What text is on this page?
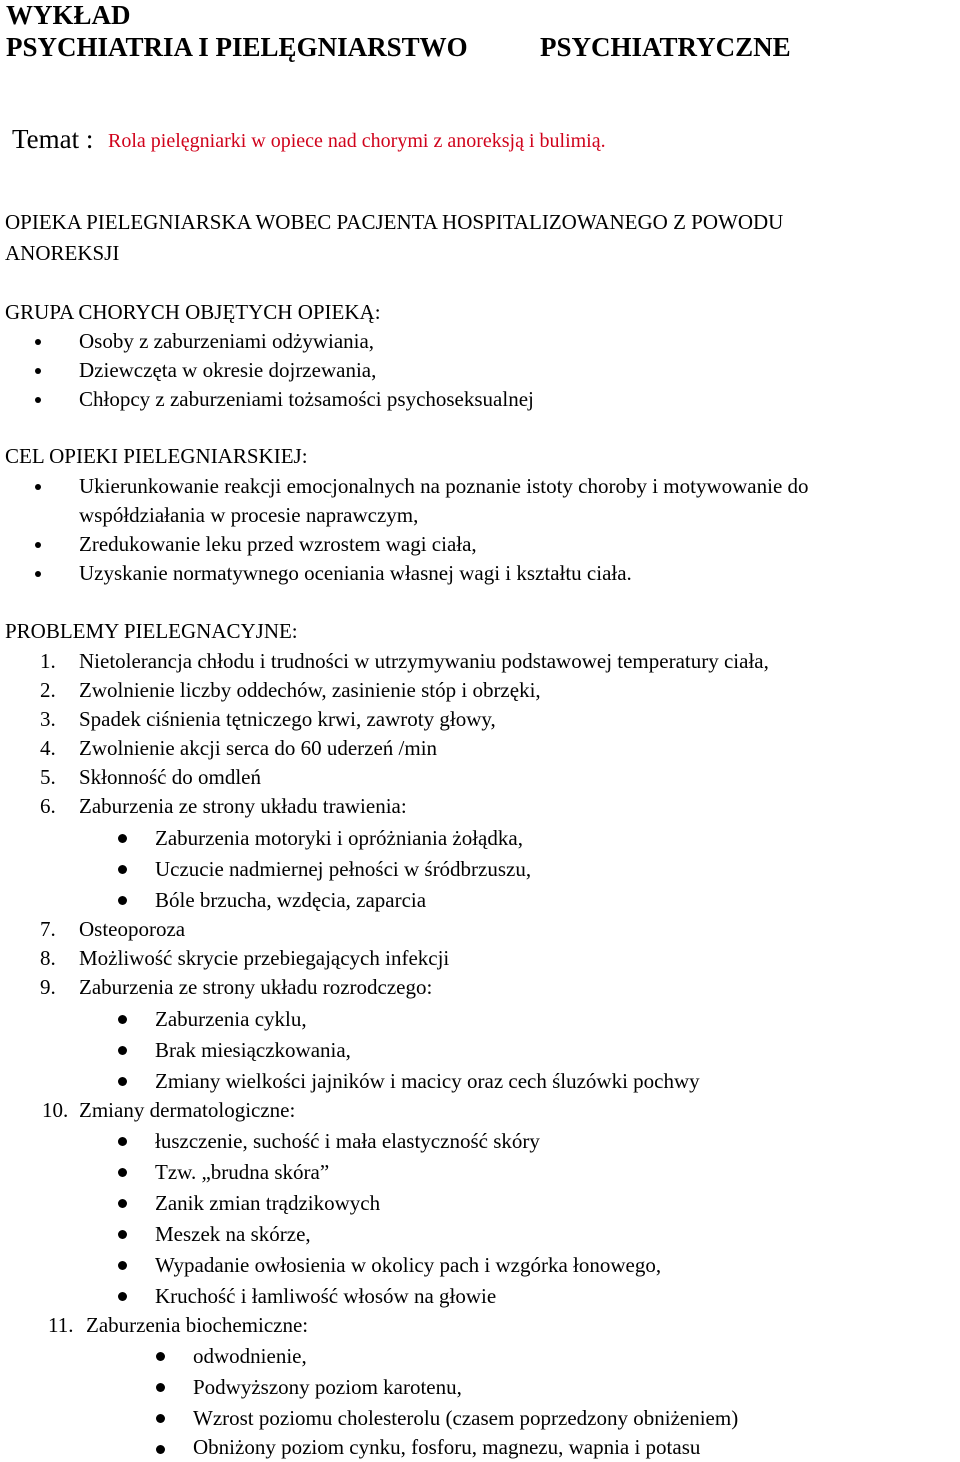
WYKŁAD
PSYCHIATRIA I PIELĘGNIARSTWO	PSYCHIATRYCZNE
Temat : Rola pielęgniarki w opiece nad chorymi z anoreksją i bulimią.
OPIEKA PIELEGNIARSKA WOBEC PACJENTA HOSPITALIZOWANEGO Z POWODU
ANOREKSJI
GRUPA CHORYCH OBJĘTYCH OPIEKĄ:
Osoby z zaburzeniami odżywiania,
Dziewczęta w okresie dojrzewania,
Chłopcy z zaburzeniami tożsamości psychoseksualnej
CEL OPIEKI PIELEGNIARSKIEJ:
Ukierunkowanie reakcji emocjonalnych na poznanie istoty choroby i motywowanie do
współdziałania w procesie naprawczym,
Zredukowanie leku przed wzrostem wagi ciała,
Uzyskanie normatywnego oceniania własnej wagi i kształtu ciała.
PROBLEMY PIELEGNACYJNE:
1. Nietolerancja chłodu i trudności w utrzymywaniu podstawowej temperatury ciała,
2. Zwolnienie liczby oddechów, zasinienie stóp i obrzęki,
3. Spadek ciśnienia tętniczego krwi, zawroty głowy,
4. Zwolnienie akcji serca do 60 uderzeń /min
5. Skłonność do omdleń
6. Zaburzenia ze strony układu trawienia:
Zaburzenia motoryki i opróżniania żołądka,
Uczucie nadmiernej pełności w śródbrzuszu,
Bóle brzucha, wzdęcia, zaparcia
7. Osteoporoza
8. Możliwość skrycie przebiegających infekcji
9. Zaburzenia ze strony układu rozrodczego:
Zaburzenia cyklu,
Brak miesiączkowania,
Zmiany wielkości jajników i macicy oraz cech śluzówki pochwy
10. Zmiany dermatologiczne:
łuszczenie, suchość i mała elastyczność skóry
Tzw. „brudna skóra”
Zanik zmian trądzikowych
Meszek na skórze,
Wypadanie owłosienia w okolicy pach i wzgórka łonowego,
Kruchość i łamliwość włosów na głowie
11. Zaburzenia biochemiczne:
odwodnienie,
Podwyższony poziom karotenu,
Wzrost poziomu cholesterolu (czasem poprzedzony obniżeniem)
Obniżony poziom cynku, fosforu, magnezu, wapnia i potasu
